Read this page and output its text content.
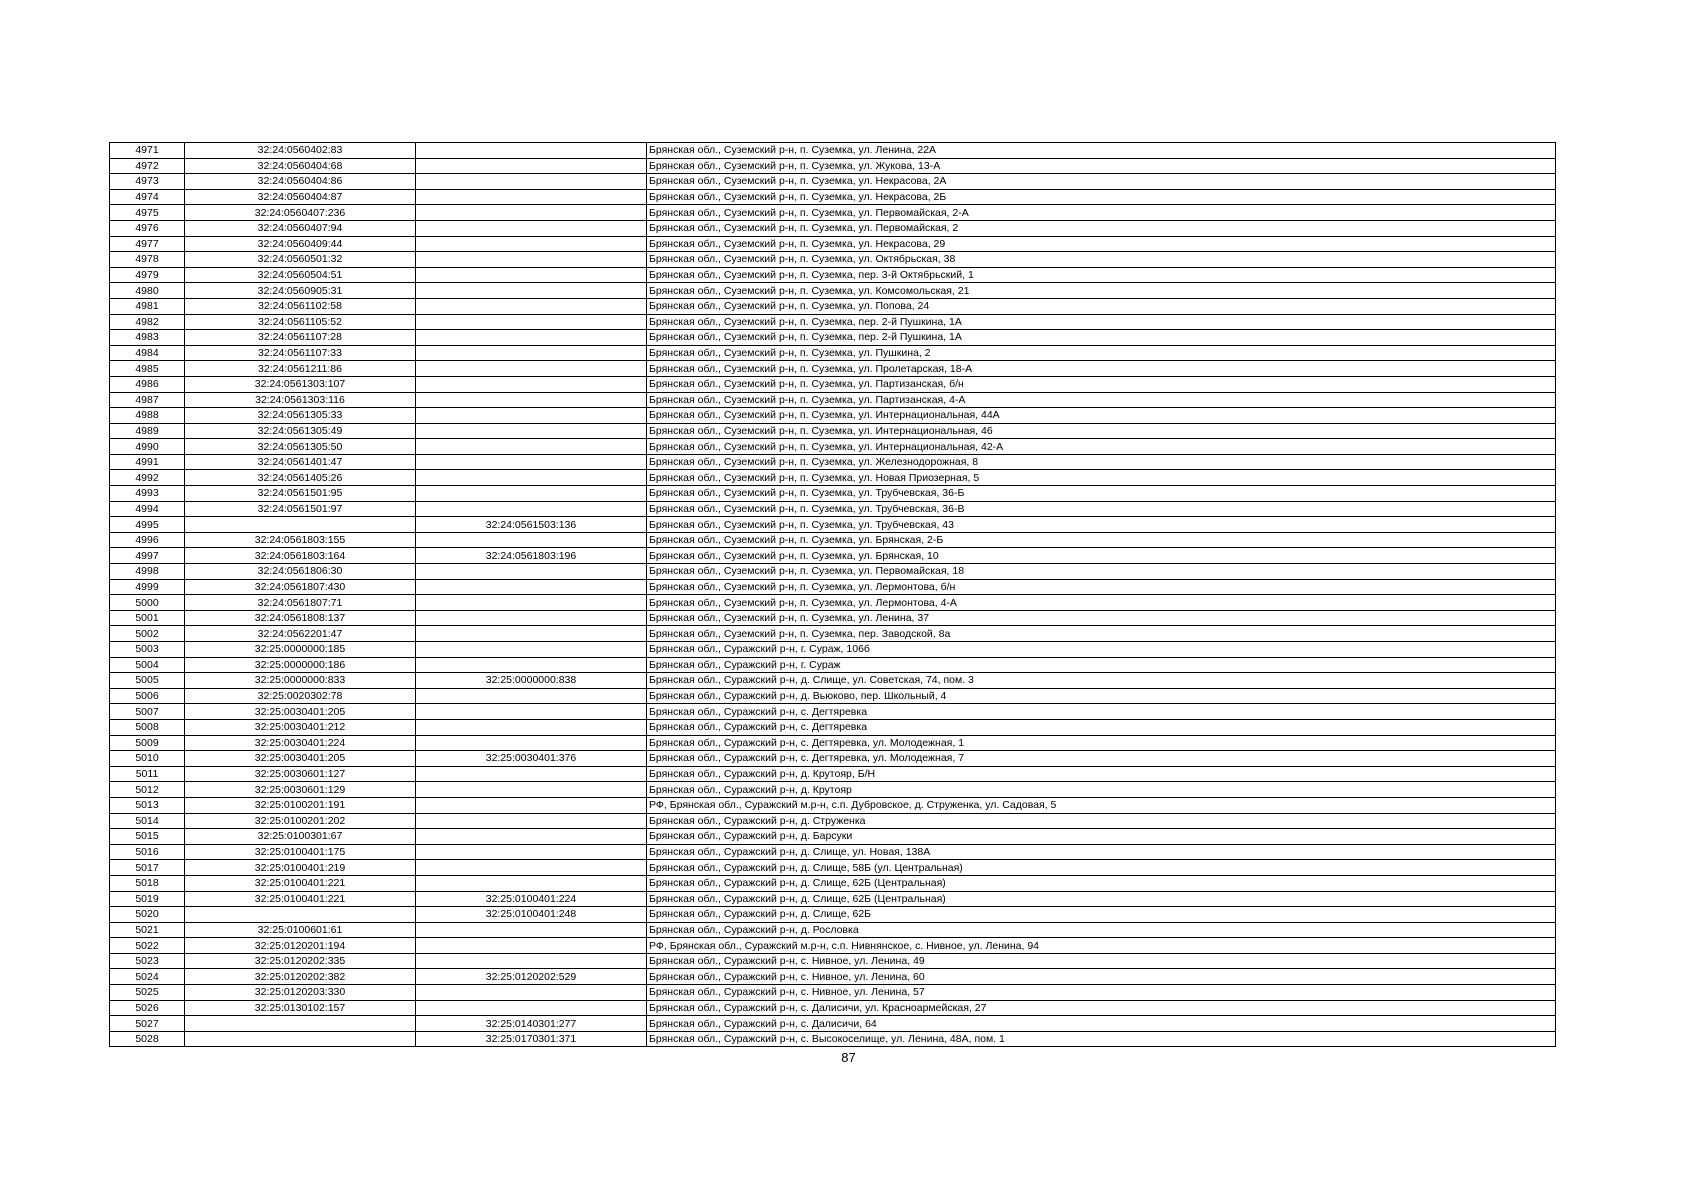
4971	32:24:0560402:83		Брянская обл., Суземский р-н, п. Суземка, ул. Ленина, 22А
4972	32:24:0560404:68		Брянская обл., Суземский р-н, п. Суземка, ул. Жукова, 13-А
4973	32:24:0560404:86		Брянская обл., Суземский р-н, п. Суземка, ул. Некрасова, 2А
4974	32:24:0560404:87		Брянская обл., Суземский р-н, п. Суземка, ул. Некрасова, 2Б
4975	32:24:0560407:236		Брянская обл., Суземский р-н, п. Суземка, ул. Первомайская, 2-А
4976	32:24:0560407:94		Брянская обл., Суземский р-н, п. Суземка, ул. Первомайская, 2
4977	32:24:0560409:44		Брянская обл., Суземский р-н, п. Суземка, ул. Некрасова, 29
4978	32:24:0560501:32		Брянская обл., Суземский р-н, п. Суземка, ул. Октябрьская, 38
4979	32:24:0560504:51		Брянская обл., Суземский р-н, п. Суземка, пер. 3-й Октябрьский, 1
4980	32:24:0560905:31		Брянская обл., Суземский р-н, п. Суземка, ул. Комсомольская, 21
4981	32:24:0561102:58		Брянская обл., Суземский р-н, п. Суземка, ул. Попова, 24
4982	32:24:0561105:52		Брянская обл., Суземский р-н, п. Суземка, пер. 2-й Пушкина, 1А
4983	32:24:0561107:28		Брянская обл., Суземский р-н, п. Суземка, пер. 2-й Пушкина, 1А
4984	32:24:0561107:33		Брянская обл., Суземский р-н, п. Суземка, ул. Пушкина, 2
4985	32:24:0561211:86		Брянская обл., Суземский р-н, п. Суземка, ул. Пролетарская, 18-А
4986	32:24:0561303:107		Брянская обл., Суземский р-н, п. Суземка, ул. Партизанская, б/н
4987	32:24:0561303:116		Брянская обл., Суземский р-н, п. Суземка, ул. Партизанская, 4-А
4988	32:24:0561305:33		Брянская обл., Суземский р-н, п. Суземка, ул. Интернациональная, 44А
4989	32:24:0561305:49		Брянская обл., Суземский р-н, п. Суземка, ул. Интернациональная, 46
4990	32:24:0561305:50		Брянская обл., Суземский р-н, п. Суземка, ул. Интернациональная, 42-А
4991	32:24:0561401:47		Брянская обл., Суземский р-н, п. Суземка, ул. Железнодорожная, 8
4992	32:24:0561405:26		Брянская обл., Суземский р-н, п. Суземка, ул. Новая Приозерная, 5
4993	32:24:0561501:95		Брянская обл., Суземский р-н, п. Суземка, ул. Трубчевская, 36-Б
4994	32:24:0561501:97		Брянская обл., Суземский р-н, п. Суземка, ул. Трубчевская, 36-В
4995		32:24:0561503:136	Брянская обл., Суземский р-н, п. Суземка, ул. Трубчевская, 43
4996	32:24:0561803:155		Брянская обл., Суземский р-н, п. Суземка, ул. Брянская, 2-Б
4997	32:24:0561803:164	32:24:0561803:196	Брянская обл., Суземский р-н, п. Суземка, ул. Брянская, 10
4998	32:24:0561806:30		Брянская обл., Суземский р-н, п. Суземка, ул. Первомайская, 18
4999	32:24:0561807:430		Брянская обл., Суземский р-н, п. Суземка, ул. Лермонтова, б/н
5000	32:24:0561807:71		Брянская обл., Суземский р-н, п. Суземка, ул. Лермонтова, 4-А
5001	32:24:0561808:137		Брянская обл., Суземский р-н, п. Суземка, ул. Ленина, 37
5002	32:24:0562201:47		Брянская обл., Суземский р-н, п. Суземка, пер. Заводской, 8а
5003	32:25:0000000:185		Брянская обл., Суражский р-н, г. Сураж, 106б
5004	32:25:0000000:186		Брянская обл., Суражский р-н, г. Сураж
5005	32:25:0000000:833	32:25:0000000:838	Брянская обл., Суражский р-н, д. Слище, ул. Советская, 74, пом. 3
5006	32:25:0020302:78		Брянская обл., Суражский р-н, д. Вьюково, пер. Школьный, 4
5007	32:25:0030401:205		Брянская обл., Суражский р-н, с. Дегтяревка
5008	32:25:0030401:212		Брянская обл., Суражский р-н, с. Дегтяревка
5009	32:25:0030401:224		Брянская обл., Суражский р-н, с. Дегтяревка, ул. Молодежная, 1
5010	32:25:0030401:205	32:25:0030401:376	Брянская обл., Суражский р-н, с. Дегтяревка, ул. Молодежная, 7
5011	32:25:0030601:127		Брянская обл., Суражский р-н, д. Крутояр, Б/Н
5012	32:25:0030601:129		Брянская обл., Суражский р-н, д. Крутояр
5013	32:25:0100201:191		РФ, Брянская обл., Суражский м.р-н, с.п. Дубровское, д. Струженка, ул. Садовая, 5
5014	32:25:0100201:202		Брянская обл., Суражский р-н, д. Струженка
5015	32:25:0100301:67		Брянская обл., Суражский р-н, д. Барсуки
5016	32:25:0100401:175		Брянская обл., Суражский р-н, д. Слище, ул. Новая, 138А
5017	32:25:0100401:219		Брянская обл., Суражский р-н, д. Слище, 58Б (ул. Центральная)
5018	32:25:0100401:221		Брянская обл., Суражский р-н, д. Слище, 62Б (Центральная)
5019	32:25:0100401:221	32:25:0100401:224	Брянская обл., Суражский р-н, д. Слище, 62Б (Центральная)
5020		32:25:0100401:248	Брянская обл., Суражский р-н, д. Слище, 62Б
5021	32:25:0100601:61		Брянская обл., Суражский р-н, д. Рословка
5022	32:25:0120201:194		РФ, Брянская обл., Суражский м.р-н, с.п. Нивнянское, с. Нивное, ул. Ленина, 94
5023	32:25:0120202:335		Брянская обл., Суражский р-н, с. Нивное, ул. Ленина, 49
5024	32:25:0120202:382	32:25:0120202:529	Брянская обл., Суражский р-н, с. Нивное, ул. Ленина, 60
5025	32:25:0120203:330		Брянская обл., Суражский р-н, с. Нивное, ул. Ленина, 57
5026	32:25:0130102:157		Брянская обл., Суражский р-н, с. Далисичи, ул. Красноармейская, 27
5027		32:25:0140301:277	Брянская обл., Суражский р-н, с. Далисичи, 64
5028		32:25:0170301:371	Брянская обл., Суражский р-н, с. Высокоселище, ул. Ленина, 48А, пом. 1
87
